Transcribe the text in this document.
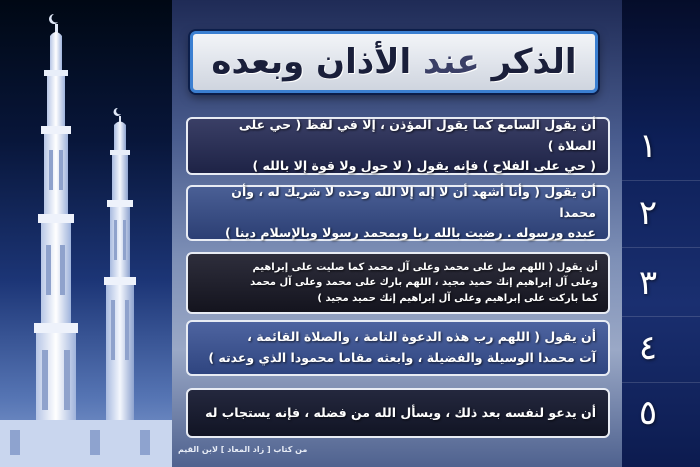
الذكر عند الأذان وبعده
أن يقول السامع كما يقول المؤذن ، إلا في لفظ ( حي على الصلاة )
( حي على الفلاح ) فإنه يقول ( لا حول ولا قوة إلا بالله )	١
أن يقول ( وأنا أشهد أن لا إله إلا الله وحده لا شريك له ، وأن محمدا
عبده ورسوله . رضيت بالله ربا وبمحمد رسولا وبالإسلام دينا )	٢
أن يقول ( اللهم صل على محمد وعلى آل محمد كما صليت على إبراهيم
وعلى آل إبراهيم إنك حميد مجيد ، اللهم بارك على محمد وعلى آل محمد
كما باركت على إبراهيم وعلى آل إبراهيم إنك حميد مجيد )	٣
أن يقول ( اللهم رب هذه الدعوة التامة ، والصلاة القائمة ،
آت محمدا الوسيلة والفضيلة ، وابعثه مقاما محمودا الذي وعدته )	٤
أن يدعو لنفسه بعد ذلك ، ويسأل الله من فضله ، فإنه يستجاب له	٥
من كتاب [ زاد المعاد ] لابن القيم
